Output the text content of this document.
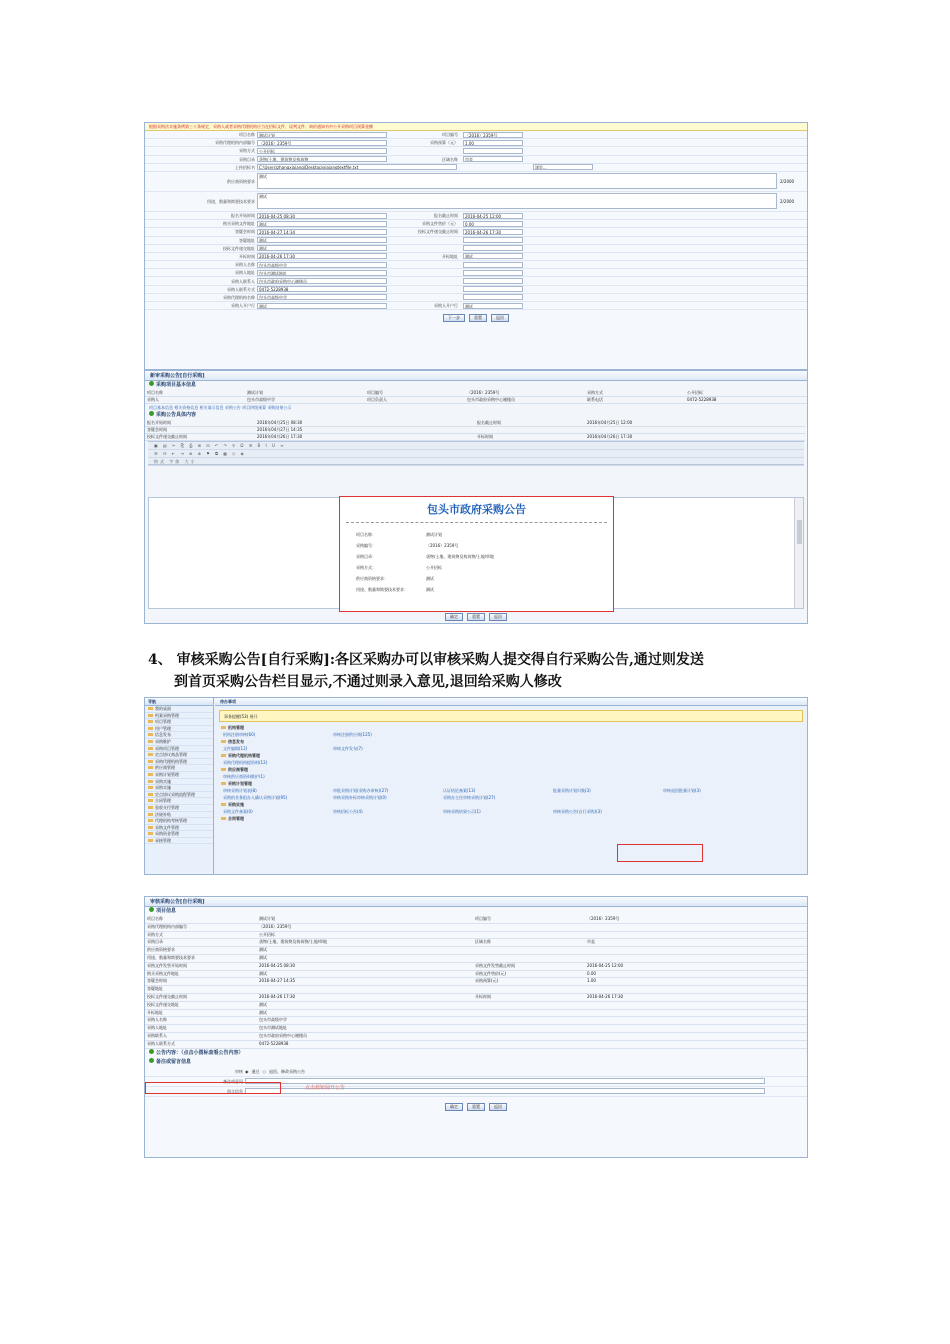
根据采购法实施条例第三十条规定，采购人或者采购代理机构应当在招标文件、谈判文件、询价通知书中公开采购项目预算金额
项目名称	测试计划	项目编号	（2016）2359号
采购代理机构内部编号	（2016）2359号	采购预算（元）	1.00
采购方式	公开招标
采购目录	货物/土地、建筑物及构筑物	区域名称	市直
上传招标书	C:\Users\zhangxiaiang\Desktop\xiaiangtextfile.txt	浏览...
供应商资格要求
测试
2/2000
用途、数量和简要技术要求
测试
2/2000
报名开始时间	2016-04-25 08:30	报名截止时间	2016-04-25 12:00
购买采购文件地址	测试	采购文件售价（元）	0.00
答疑会时间	2016-04-27 14:34	投标文件递交截止时间	2016-04-26 17:30
答疑地址	测试
投标文件递交地址	测试
开标时间	2016-04-26 17:30	开标地址	测试
采购人名称	包头市高级中学
采购人地址	包头市测试地址
采购人联系人	包头市政府采购中心谢楼员
采购人联系方式	0472-5228938
采购代理机构名称	包头市高级中学
采购人开户行	测试	采购人开户行	测试
下一步	重置	返回
新审采购公告[自行采购]
采购项目基本信息
项目名称	测试计划	项目编号	（2016）2359号	采购方式	公开招标
采购人	包头市高级中学	项目负责人	包头市政府采购中心谢楼员	联系电话	0472-5228938
项目基本信息 相关资格信息 相关请示信息 采购公告 项目四级预算 采购结果公示
采购公告具体内容
报名开始时间	2016年04月25日 08:30	报名截止时间	2016年04月25日 12:00
答疑会时间	2016年04月27日 14:35
投标文件递交截止时间	2016年04月26日 17:30	开标时间	2016年04月26日 17:30
▣ ▤ ✂ ⎘ ⎙ ⊞ ⊟ ↶ ↷ ⚲ Ω ☰ B I U ≡
☰ ☷ ⇤ ⇥ ⊕ ⊗ ⚑ ⧉ ▦ ◇ ◈
格式 字体 大小
包头市政府采购公告
项目名称：	测试计划
采购编号：	（2016）2359号
采购目录：	货物/土地、建筑物及构筑物/土地/草地
采购方式：	公开招标
供应商资格要求：	测试
用途、数量和简要技术要求：	测试
确定	重置	返回
4、 审核采购公告[自行采购]:各区采购办可以审核采购人提交得自行采购公告,通过则发送
到首页采购公告栏目显示,不通过则录入意见,退回给采购人修改
导航
我的桌面
档案采购管理
项目管理
用户管理
信息发布
采购维护
采购项目管理
定点协议商品管理
采购代理机构管理
供应商管理
采购计划管理
采购实施
采购实施
定点协议采购流程管理
合同管理
验收支付管理
法规补贴
代理机构考核管理
采购文件管理
采购资金管理
承接管理
待办事项
事务提醒(53) 展开
机构管理
机构注册审核(60)	审核注册供应商(125)
信息发布
文件编辑(12)	审核文件发布(7)
采购代理机构管理
采购代理机构提资料(12)
供应商管理
审核供应商资料维护(1)
采购计划管理
审核采购计划表(8)	审批采购计划(采购办审核)(27)	认证结论备案(13)	批量采购计划归集(3)	审核退回批量计划(3)
采购的业务组办人确认采购计划(95)	审核采购补标审核采购计划(0)	采购办主任审核采购计划(27)
采购实施
采购文件备案(0)	审核招标公告(4)	审核采购结果公示(1)	审核采购公告(自行采购)(3)
合同管理
审核采购公告[自行采购]
项目信息
项目名称	测试计划	项目编号	（2016）2359号
采购代理机构内部编号	（2016）2359号
采购方式	公开招标
采购目录	货物/土地、建筑物及构筑物/土地/草地	区域名称	市直
供应商资格要求	测试
用途、数量和简要技术要求	测试
采购文件发售开始时间	2016-04-25 08:30	采购文件发售截止时间	2016-04-25 12:00
购买采购文件地址	测试	采购文件售价(元)	0.00
答疑会时间	2016-04-27 14:35	采购预算(元)	1.00
答疑地址
投标文件递交截止时间	2016-04-26 17:30	开标时间	2016-04-26 17:30
投标文件递交地址	测试
开标地址	测试
采购人名称	包头市高级中学
采购人地址	包头市测试地址
采购联系人	包头市政府采购中心谢楼员
采购人联系方式	0472-5228938
公告内容：（点击小图标查看公告内容）
点击按钮展开公告
备注或留言信息
审核 ◉ 通过 ○ 退回、修改采购公告
备注或意见
留言信息
确定	重置	返回
